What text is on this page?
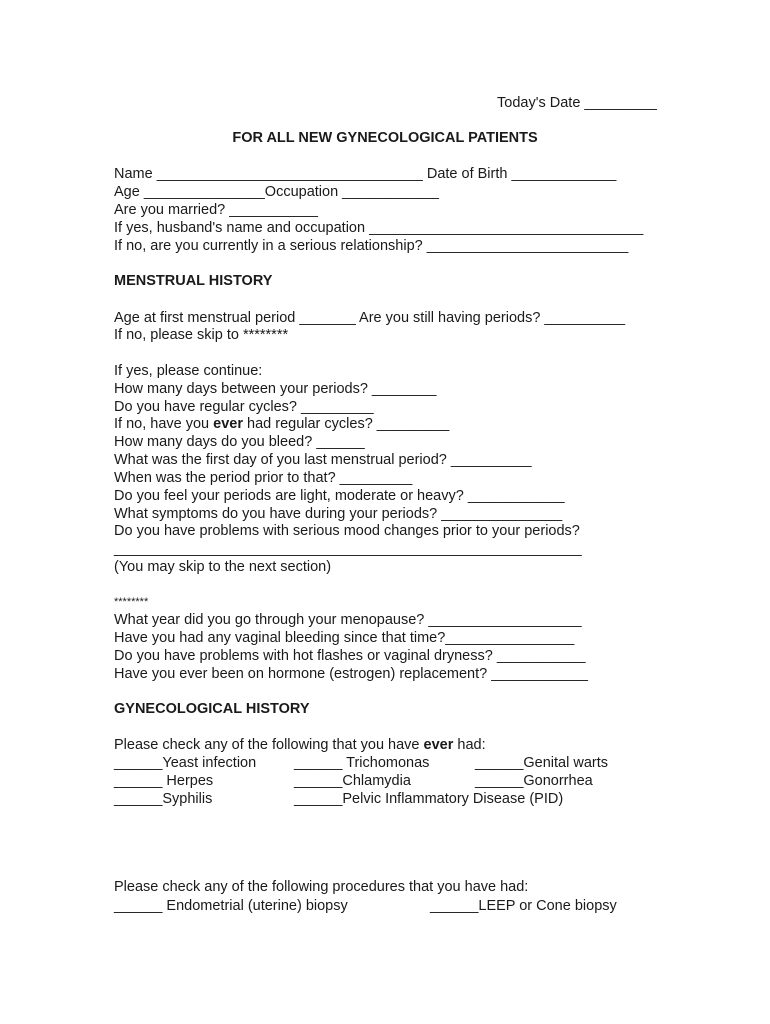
Today's Date _________

FOR ALL NEW GYNECOLOGICAL PATIENTS

Name _________________________________ Date of Birth _____________

Age _______________Occupation ____________

Are you married? ___________

If yes, husband's name and occupation __________________________________

If no, are you currently in a serious relationship? _________________________

MENSTRUAL HISTORY

Age at first menstrual period _______ Are you still having periods? __________

If no, please skip to ********

If yes, please continue:

How many days between your periods? ________

Do you have regular cycles? _________

If no, have you ever had regular cycles? _________

How many days do you bleed? ______

What was the first day of you last menstrual period? __________

When was the period prior to that? _________

Do you feel your periods are light, moderate or heavy? ____________

What symptoms do you have during your periods? _______________

Do you have problems with serious mood changes prior to your periods?

__________________________________________________________

(You may skip to the next section)

********

What year did you go through your menopause? ___________________

Have you had any vaginal bleeding since that time?________________

Do you have problems with hot flashes or vaginal dryness? ___________

Have you ever been on hormone (estrogen) replacement? ____________

GYNECOLOGICAL HISTORY

Please check any of the following that you have ever had:

______Yeast infection	______ Trichomonas	______Genital warts

______ Herpes	______Chlamydia	______Gonorrhea

______Syphilis	______Pelvic Inflammatory Disease (PID)

Please check any of the following procedures that you have had:

______ Endometrial (uterine) biopsy	______LEEP or Cone biopsy
